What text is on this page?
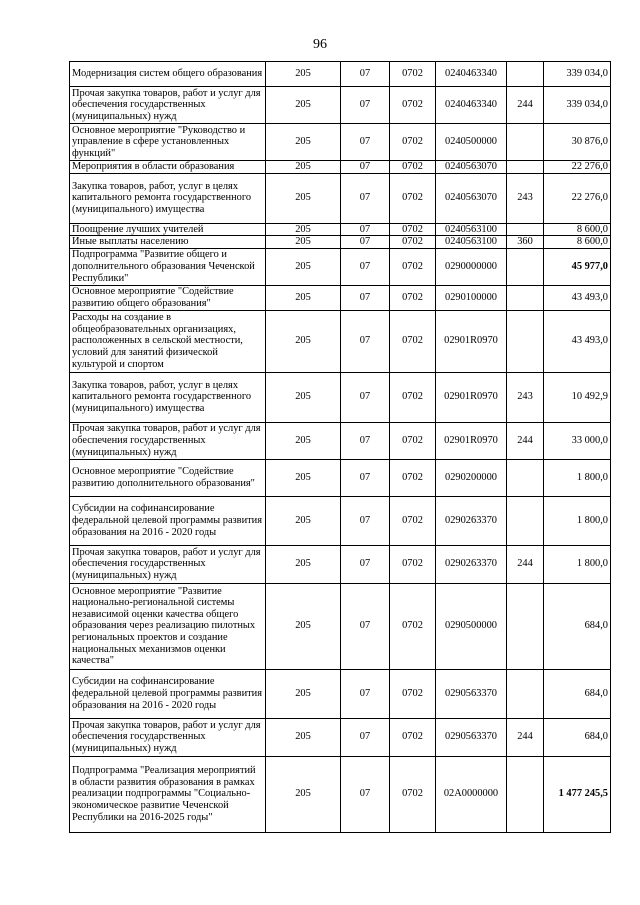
96
Модернизация систем общего образования	205	07	0702	0240463340		339 034,0
Прочая закупка товаров, работ и услуг для обеспечения государственных (муниципальных) нужд	205	07	0702	0240463340	244	339 034,0
Основное мероприятие "Руководство и управление в сфере установленных функций"	205	07	0702	0240500000		30 876,0
Мероприятия в области образования	205	07	0702	0240563070		22 276,0
Закупка товаров, работ, услуг в целях капитального ремонта государственного (муниципального) имущества	205	07	0702	0240563070	243	22 276,0
Поощрение лучших учителей	205	07	0702	0240563100		8 600,0
Иные выплаты населению	205	07	0702	0240563100	360	8 600,0
Подпрограмма "Развитие общего и дополнительного образования Чеченской Республики"	205	07	0702	0290000000		45 977,0
Основное мероприятие "Содействие развитию общего образования"	205	07	0702	0290100000		43 493,0
Расходы на создание в общеобразовательных организациях, расположенных в сельской местности, условий для занятий физической культурой и спортом	205	07	0702	02901R0970		43 493,0
Закупка товаров, работ, услуг в целях капитального ремонта государственного (муниципального) имущества	205	07	0702	02901R0970	243	10 492,9
Прочая закупка товаров, работ и услуг для обеспечения государственных (муниципальных) нужд	205	07	0702	02901R0970	244	33 000,0
Основное мероприятие "Содействие развитию дополнительного образования"	205	07	0702	0290200000		1 800,0
Субсидии на софинансирование федеральной целевой программы развития образования на 2016 - 2020 годы	205	07	0702	0290263370		1 800,0
Прочая закупка товаров, работ и услуг для обеспечения государственных (муниципальных) нужд	205	07	0702	0290263370	244	1 800,0
Основное мероприятие "Развитие национально-региональной системы независимой оценки качества общего образования через реализацию пилотных региональных проектов и создание национальных механизмов оценки качества"	205	07	0702	0290500000		684,0
Субсидии на софинансирование федеральной целевой программы развития образования на 2016 - 2020 годы	205	07	0702	0290563370		684,0
Прочая закупка товаров, работ и услуг для обеспечения государственных (муниципальных) нужд	205	07	0702	0290563370	244	684,0
Подпрограмма "Реализация мероприятий в области развития образования в рамках реализации подпрограммы "Социально-экономическое развитие Чеченской Республики на 2016-2025 годы"	205	07	0702	02А0000000		1 477 245,5
